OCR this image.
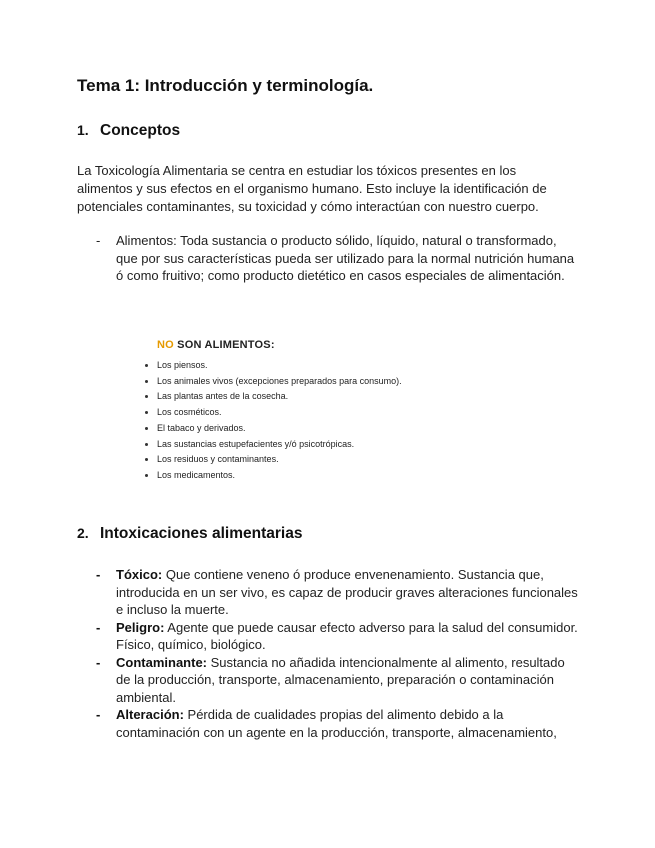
Tema 1: Introducción y terminología.
1. Conceptos
La Toxicología Alimentaria se centra en estudiar los tóxicos presentes en los alimentos y sus efectos en el organismo humano. Esto incluye la identificación de potenciales contaminantes, su toxicidad y cómo interactúan con nuestro cuerpo.
- Alimentos: Toda sustancia o producto sólido, líquido, natural o transformado, que por sus características pueda ser utilizado para la normal nutrición humana ó como fruitivo; como producto dietético en casos especiales de alimentación.
NO SON ALIMENTOS:
Los piensos.
Los animales vivos (excepciones preparados para consumo).
Las plantas antes de la cosecha.
Los cosméticos.
El tabaco y derivados.
Las sustancias estupefacientes y/ó psicotrópicas.
Los residuos y contaminantes.
Los medicamentos.
2. Intoxicaciones alimentarias
- Tóxico: Que contiene veneno ó produce envenenamiento. Sustancia que, introducida en un ser vivo, es capaz de producir graves alteraciones funcionales e incluso la muerte.
- Peligro: Agente que puede causar efecto adverso para la salud del consumidor. Físico, químico, biológico.
- Contaminante: Sustancia no añadida intencionalmente al alimento, resultado de la producción, transporte, almacenamiento, preparación o contaminación ambiental.
- Alteración: Pérdida de cualidades propias del alimento debido a la contaminación con un agente en la producción, transporte, almacenamiento,
